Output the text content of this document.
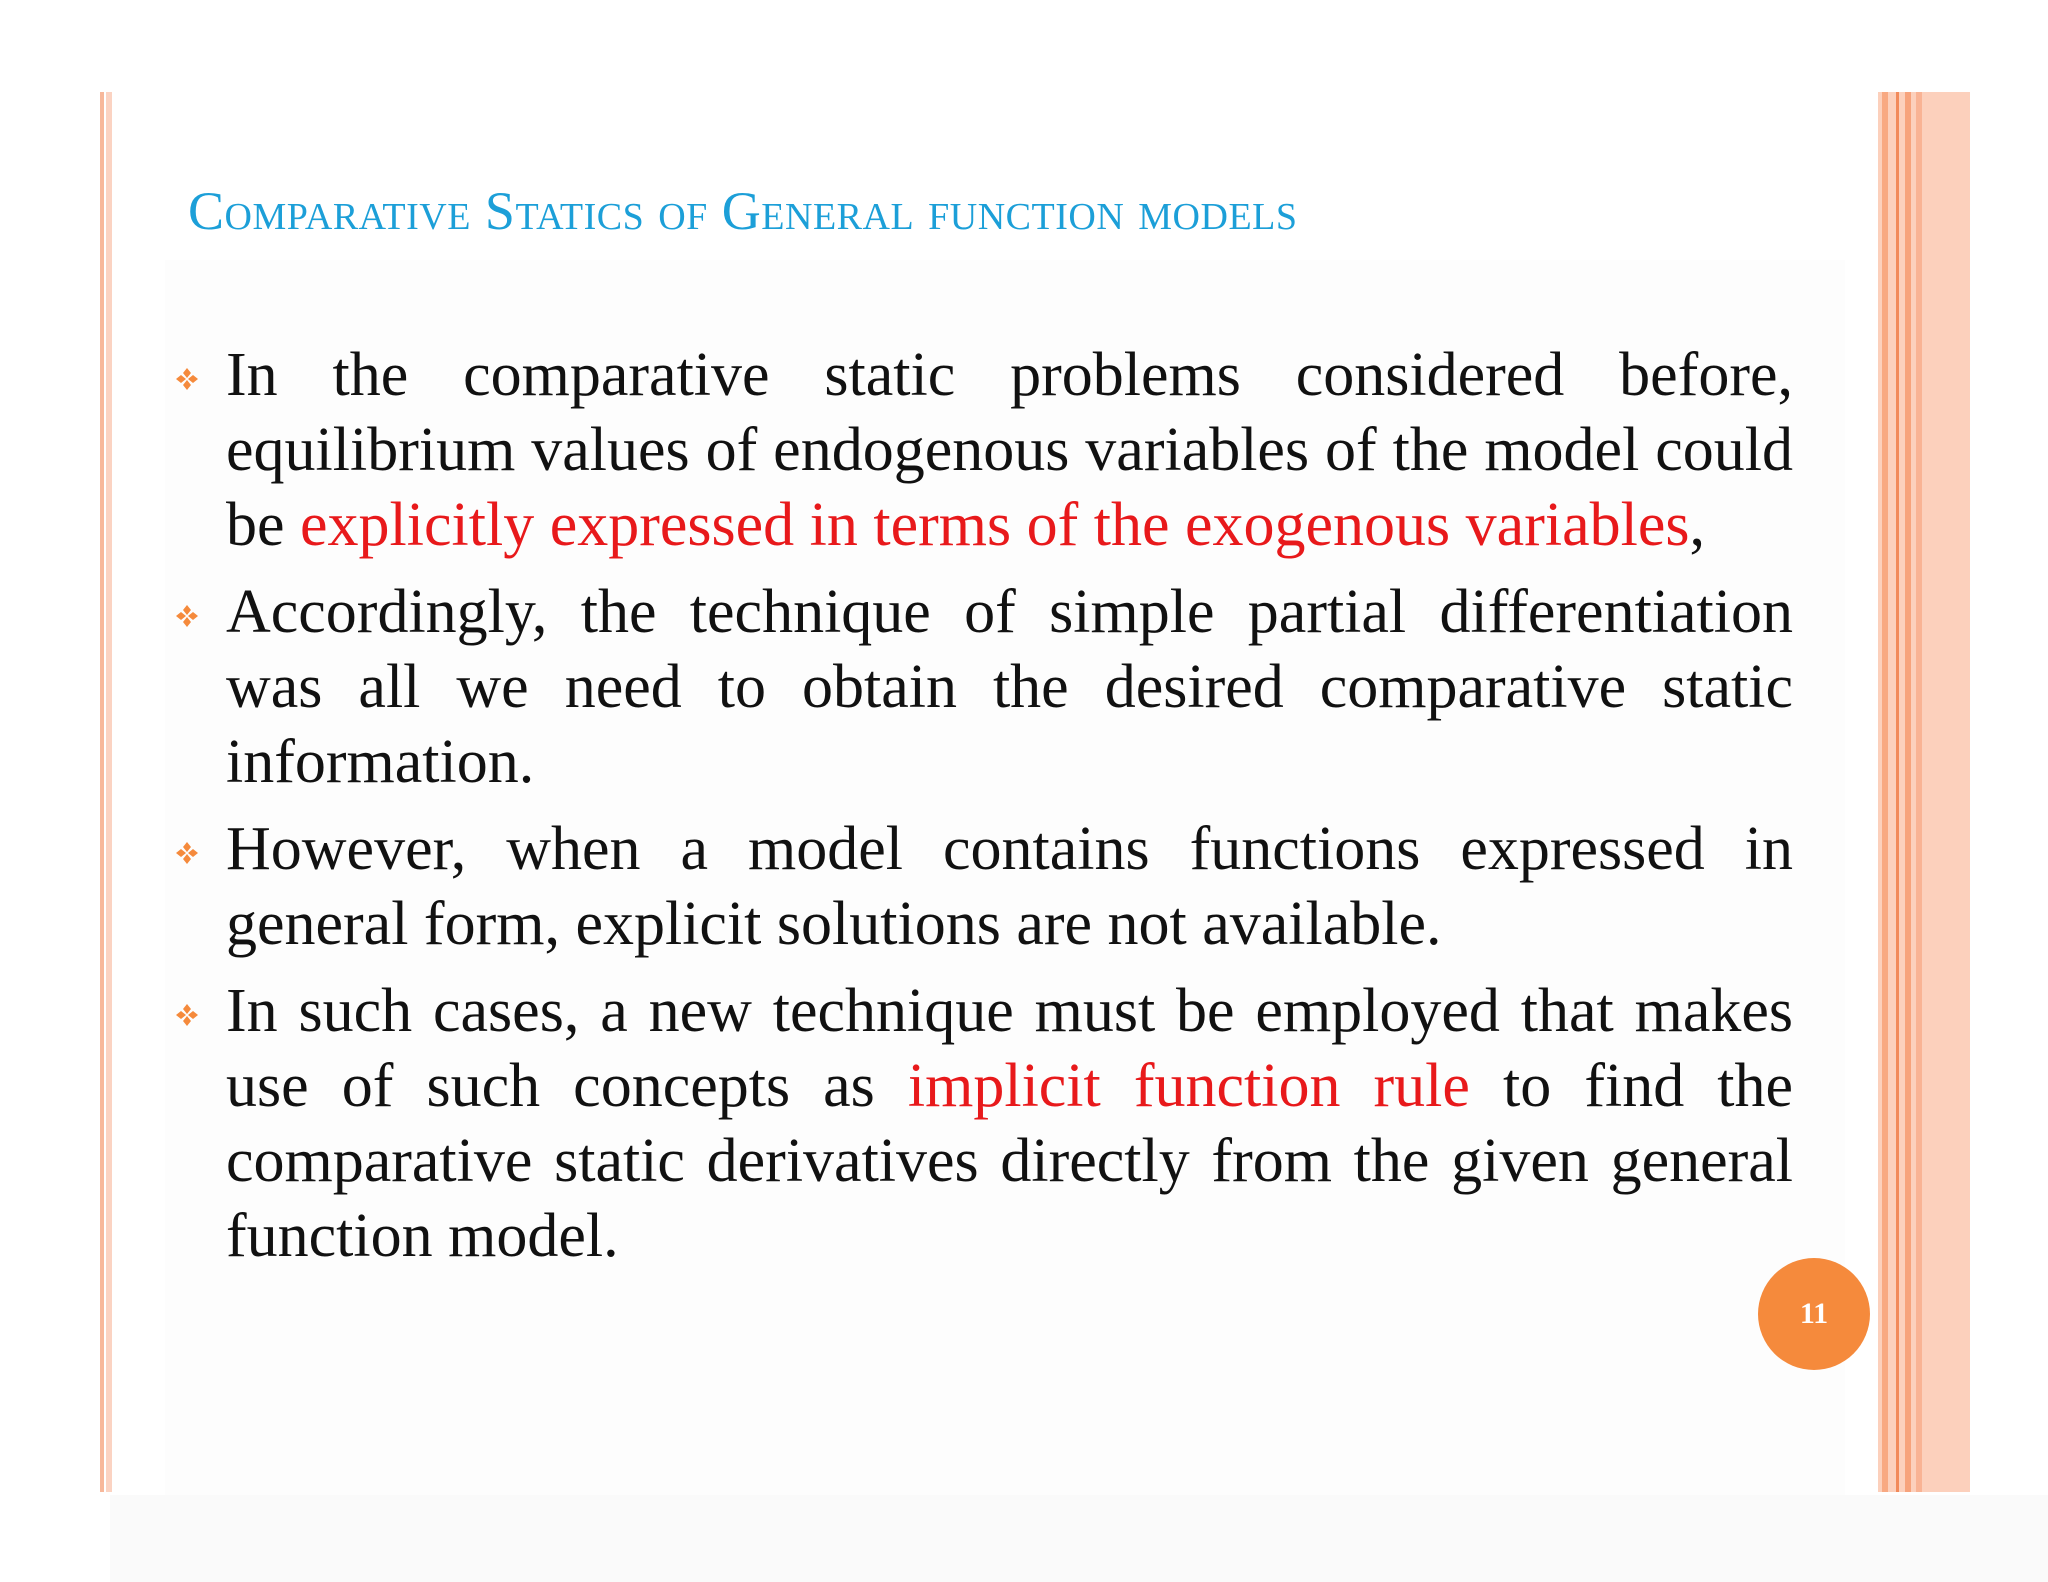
Comparative Statics of General function models
In the comparative static problems considered before, equilibrium values of endogenous variables of the model could be explicitly expressed in terms of the exogenous variables,
Accordingly, the technique of simple partial differentiation was all we need to obtain the desired comparative static information.
However, when a model contains functions expressed in general form, explicit solutions are not available.
In such cases, a new technique must be employed that makes use of such concepts as implicit function rule to find the comparative static derivatives directly from the given general function model.
11
